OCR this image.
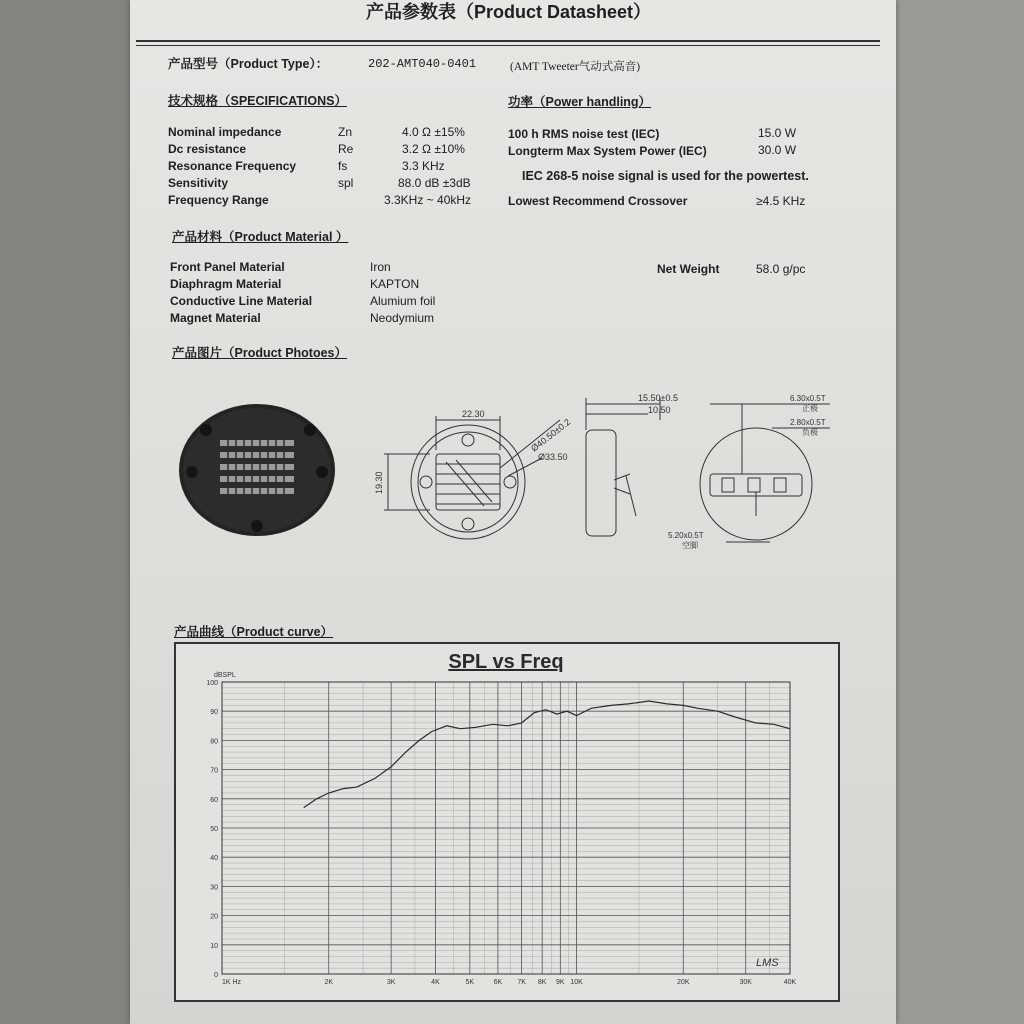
产品参数表（Product Datasheet）
产品型号（Product Type）：	202-AMT040-0401	(AMT Tweeter气动式高音)
技术规格（SPECIFICATIONS）
Nominal impedance	Zn	4.0 Ω ±15%
Dc resistance	Re	3.2 Ω ±10%
Resonance Frequency	fs	3.3 KHz
Sensitivity	spl	88.0 dB ±3dB
Frequency Range	3.3KHz ~ 40kHz
功率（Power handling）
100 h RMS noise test (IEC)	15.0 W
Longterm Max System Power (IEC)	30.0 W
IEC 268-5 noise signal is used for the powertest.
Lowest Recommend Crossover	≥4.5 KHz
产品材料（Product Material ）
Front Panel Material	Iron
Diaphragm Material	KAPTON
Conductive Line Material	Alumium foil
Magnet Material	Neodymium
Net Weight	58.0 g/pc
产品图片（Product Photoes）
22.30
Ø40.50±0.2
Ø33.50
19.30
15.50±0.5
10.50
6.30x0.5T
正极
2.80x0.5T
负极
5.20x0.5T
空脚
产品曲线（Product curve）
SPL vs Freq
dBSPL
0
10
20
30
40
50
60
70
80
90
100
1K Hz	2K	3K	4K	5K	6K 7K 8K 9K 10K	20K	30K	40K
LMS
